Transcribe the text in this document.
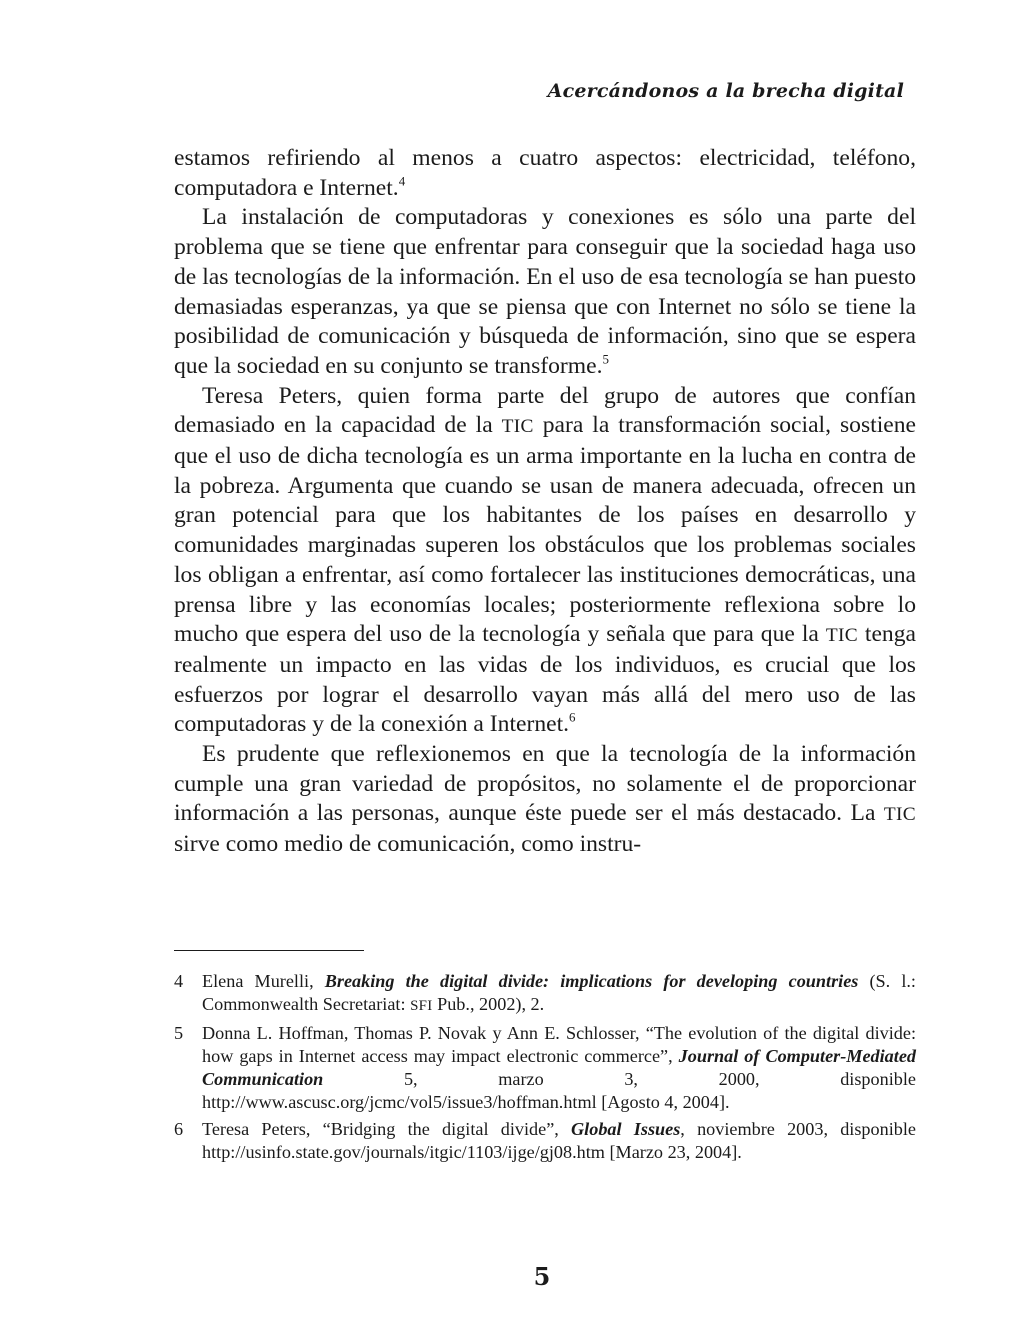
Acercándonos a la brecha digital

estamos refiriendo al menos a cuatro aspectos: electricidad, teléfono, computadora e Internet.$^4$

La instalación de computadoras y conexiones es sólo una parte del problema que se tiene que enfrentar para conseguir que la sociedad haga uso de las tecnologías de la información. En el uso de esa tecnología se han puesto demasiadas esperanzas, ya que se piensa que con Internet no sólo se tiene la posibilidad de comunicación y búsqueda de información, sino que se espera que la sociedad en su conjunto se transforme.$^5$

Teresa Peters, quien forma parte del grupo de autores que confían demasiado en la capacidad de la TIC para la transformación social, sostiene que el uso de dicha tecnología es un arma importante en la lucha en contra de la pobreza. Argumenta que cuando se usan de manera adecuada, ofrecen un gran potencial para que los habitantes de los países en desarrollo y comunidades marginadas superen los obstáculos que los problemas sociales los obligan a enfrentar, así como fortalecer las instituciones democráticas, una prensa libre y las economías locales; posteriormente reflexiona sobre lo mucho que espera del uso de la tecnología y señala que para que la TIC tenga realmente un impacto en las vidas de los individuos, es crucial que los esfuerzos por lograr el desarrollo vayan más allá del mero uso de las computadoras y de la conexión a Internet.$^6$

Es prudente que reflexionemos en que la tecnología de la información cumple una gran variedad de propósitos, no solamente el de proporcionar información a las personas, aunque éste puede ser el más destacado. La TIC sirve como medio de comunicación, como instru-

4	Elena Murelli, Breaking the digital divide: implications for developing countries (S. l.: Commonwealth Secretariat: SFI Pub., 2002), 2.
5	Donna L. Hoffman, Thomas P. Novak y Ann E. Schlosser, “The evolution of the digital divide: how gaps in Internet access may impact electronic commerce”, Journal of Computer-Mediated Communication 5, marzo 3, 2000, disponible http://www.ascusc.org/jcmc/vol5/issue3/hoffman.html [Agosto 4, 2004].
6	Teresa Peters, “Bridging the digital divide”, Global Issues, noviembre 2003, disponible http://usinfo.state.gov/journals/itgic/1103/ijge/gj08.htm [Marzo 23, 2004].
5
